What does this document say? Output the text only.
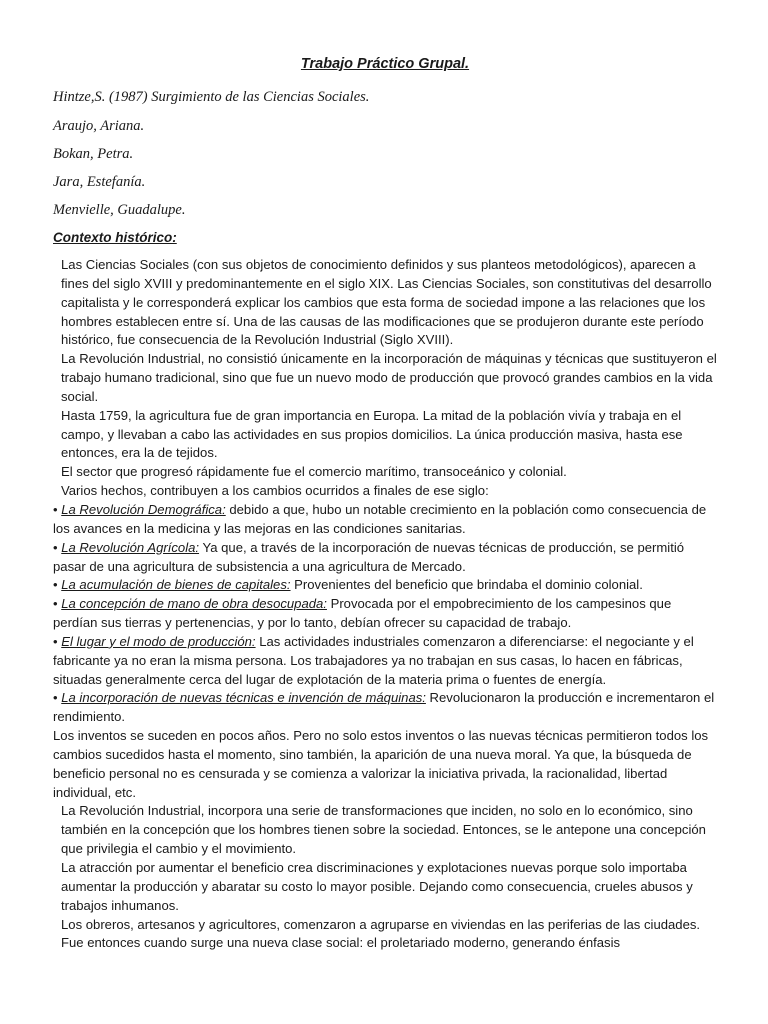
Trabajo Práctico Grupal.

Hintze,S. (1987) Surgimiento de las Ciencias Sociales.

Araujo, Ariana.

Bokan, Petra.

Jara, Estefanía.

Menvielle, Guadalupe.

Contexto histórico:

Las Ciencias Sociales (con sus objetos de conocimiento definidos y sus planteos metodológicos), aparecen a fines del siglo XVIII y predominantemente en el siglo XIX. Las Ciencias Sociales, son constitutivas del desarrollo capitalista y le corresponderá explicar los cambios que esta forma de sociedad impone a las relaciones que los hombres establecen entre sí. Una de las causas de las modificaciones que se produjeron durante este período histórico, fue consecuencia de la Revolución Industrial (Siglo XVIII).

La Revolución Industrial, no consistió únicamente en la incorporación de máquinas y técnicas que sustituyeron el trabajo humano tradicional, sino que fue un nuevo modo de producción que provocó grandes cambios en la vida social.

Hasta 1759, la agricultura fue de gran importancia en Europa. La mitad de la población vivía y trabaja en el campo, y llevaban a cabo las actividades en sus propios domicilios. La única producción masiva, hasta ese entonces, era la de tejidos.

El sector que progresó rápidamente fue el comercio marítimo, transoceánico y colonial.

Varios hechos, contribuyen a los cambios ocurridos a finales de ese siglo:

• La Revolución Demográfica: debido a que, hubo un notable crecimiento en la población como consecuencia de los avances en la medicina y las mejoras en las condiciones sanitarias.

• La Revolución Agrícola: Ya que, a través de la incorporación de nuevas técnicas de producción, se permitió pasar de una agricultura de subsistencia a una agricultura de Mercado.

• La acumulación de bienes de capitales: Provenientes del beneficio que brindaba el dominio colonial.

• La concepción de mano de obra desocupada: Provocada por el empobrecimiento de los campesinos que perdían sus tierras y pertenencias, y por lo tanto, debían ofrecer su capacidad de trabajo.

• El lugar y el modo de producción: Las actividades industriales comenzaron a diferenciarse: el negociante y el fabricante ya no eran la misma persona. Los trabajadores ya no trabajan en sus casas, lo hacen en fábricas, situadas generalmente cerca del lugar de explotación de la materia prima o fuentes de energía.

• La incorporación de nuevas técnicas e invención de máquinas: Revolucionaron la producción e incrementaron el rendimiento.

Los inventos se suceden en pocos años. Pero no solo estos inventos o las nuevas técnicas permitieron todos los cambios sucedidos hasta el momento, sino también, la aparición de una nueva moral. Ya que, la búsqueda de beneficio personal no es censurada y se comienza a valorizar la iniciativa privada, la racionalidad, libertad individual, etc.

La Revolución Industrial, incorpora una serie de transformaciones que inciden, no solo en lo económico, sino también en la concepción que los hombres tienen sobre la sociedad. Entonces, se le antepone una concepción que privilegia el cambio y el movimiento.

La atracción por aumentar el beneficio crea discriminaciones y explotaciones nuevas porque solo importaba aumentar la producción y abaratar su costo lo mayor posible. Dejando como consecuencia, crueles abusos y trabajos inhumanos.

Los obreros, artesanos y agricultores, comenzaron a agruparse en viviendas en las periferias de las ciudades. Fue entonces cuando surge una nueva clase social: el proletariado moderno, generando énfasis
